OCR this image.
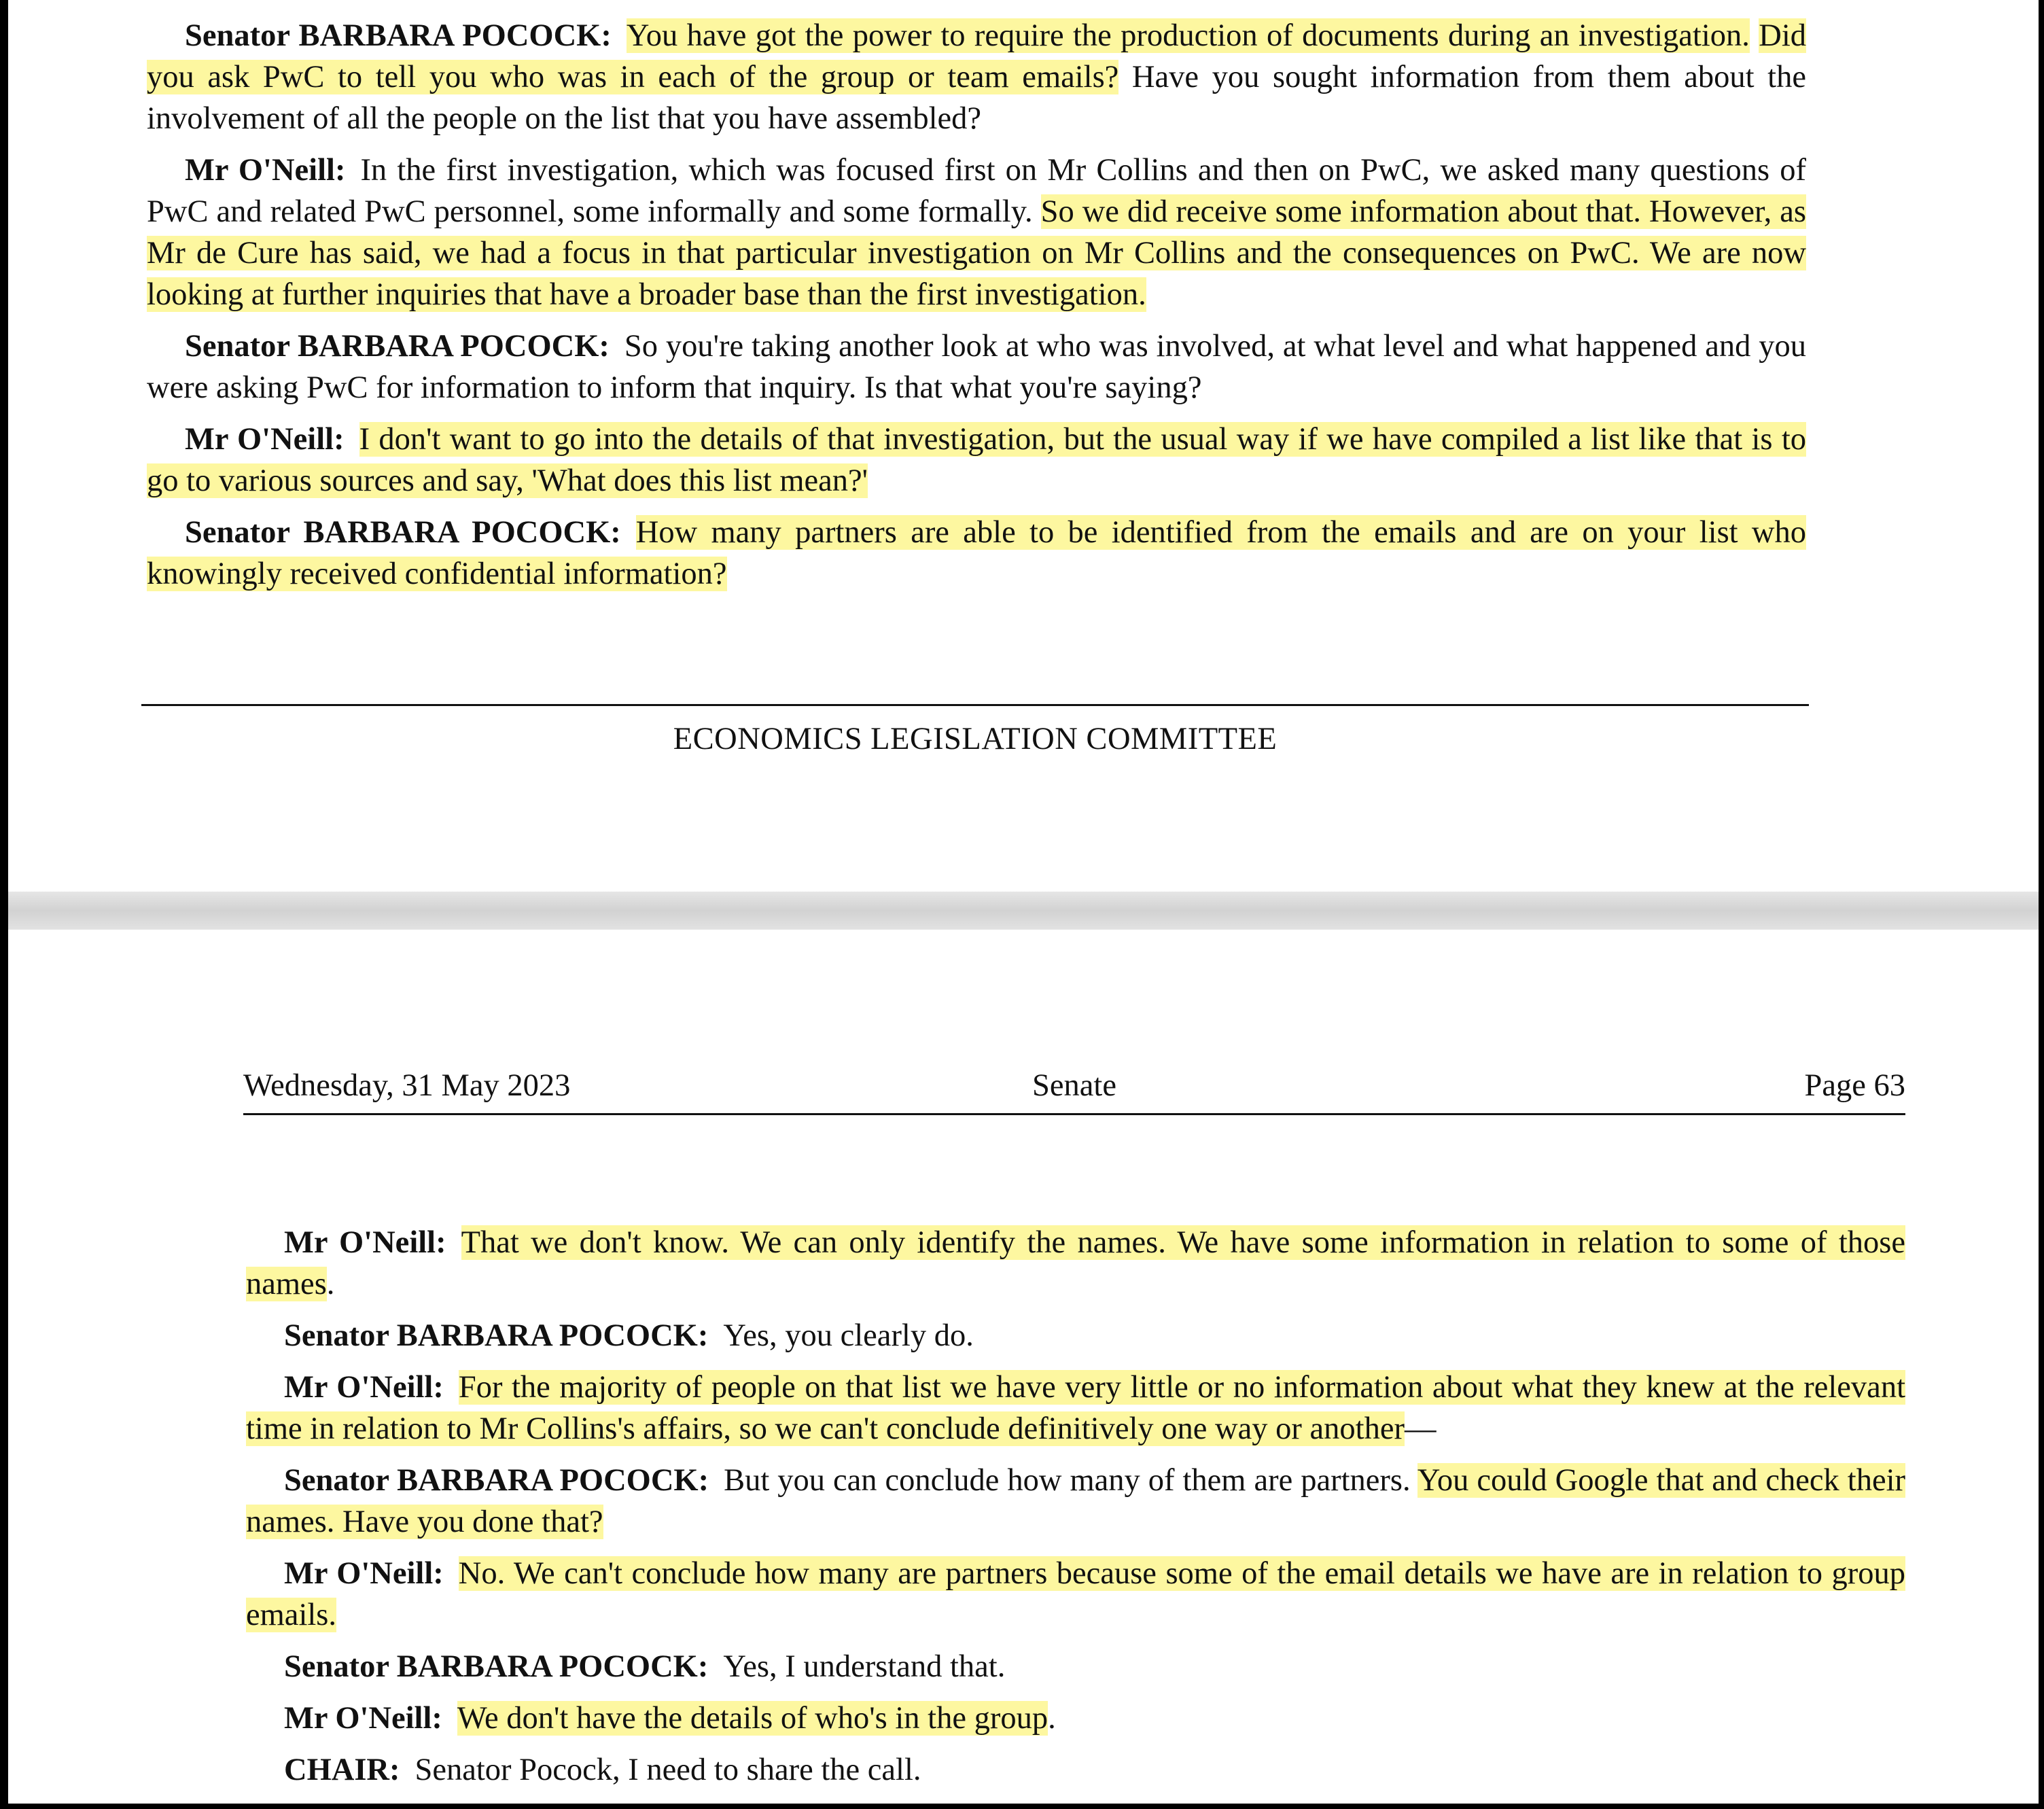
Senator BARBARA POCOCK: You have got the power to require the production of documents during an investigation. Did you ask PwC to tell you who was in each of the group or team emails? Have you sought information from them about the involvement of all the people on the list that you have assembled?

Mr O'Neill: In the first investigation, which was focused first on Mr Collins and then on PwC, we asked many questions of PwC and related PwC personnel, some informally and some formally. So we did receive some information about that. However, as Mr de Cure has said, we had a focus in that particular investigation on Mr Collins and the consequences on PwC. We are now looking at further inquiries that have a broader base than the first investigation.

Senator BARBARA POCOCK: So you're taking another look at who was involved, at what level and what happened and you were asking PwC for information to inform that inquiry. Is that what you're saying?

Mr O'Neill: I don't want to go into the details of that investigation, but the usual way if we have compiled a list like that is to go to various sources and say, 'What does this list mean?'

Senator BARBARA POCOCK: How many partners are able to be identified from the emails and are on your list who knowingly received confidential information?

ECONOMICS LEGISLATION COMMITTEE
Wednesday, 31 May 2023	Senate	Page 63

Mr O'Neill: That we don't know. We can only identify the names. We have some information in relation to some of those names.

Senator BARBARA POCOCK: Yes, you clearly do.

Mr O'Neill: For the majority of people on that list we have very little or no information about what they knew at the relevant time in relation to Mr Collins's affairs, so we can't conclude definitively one way or another—

Senator BARBARA POCOCK: But you can conclude how many of them are partners. You could Google that and check their names. Have you done that?

Mr O'Neill: No. We can't conclude how many are partners because some of the email details we have are in relation to group emails.

Senator BARBARA POCOCK: Yes, I understand that.

Mr O'Neill: We don't have the details of who's in the group.

CHAIR: Senator Pocock, I need to share the call.
